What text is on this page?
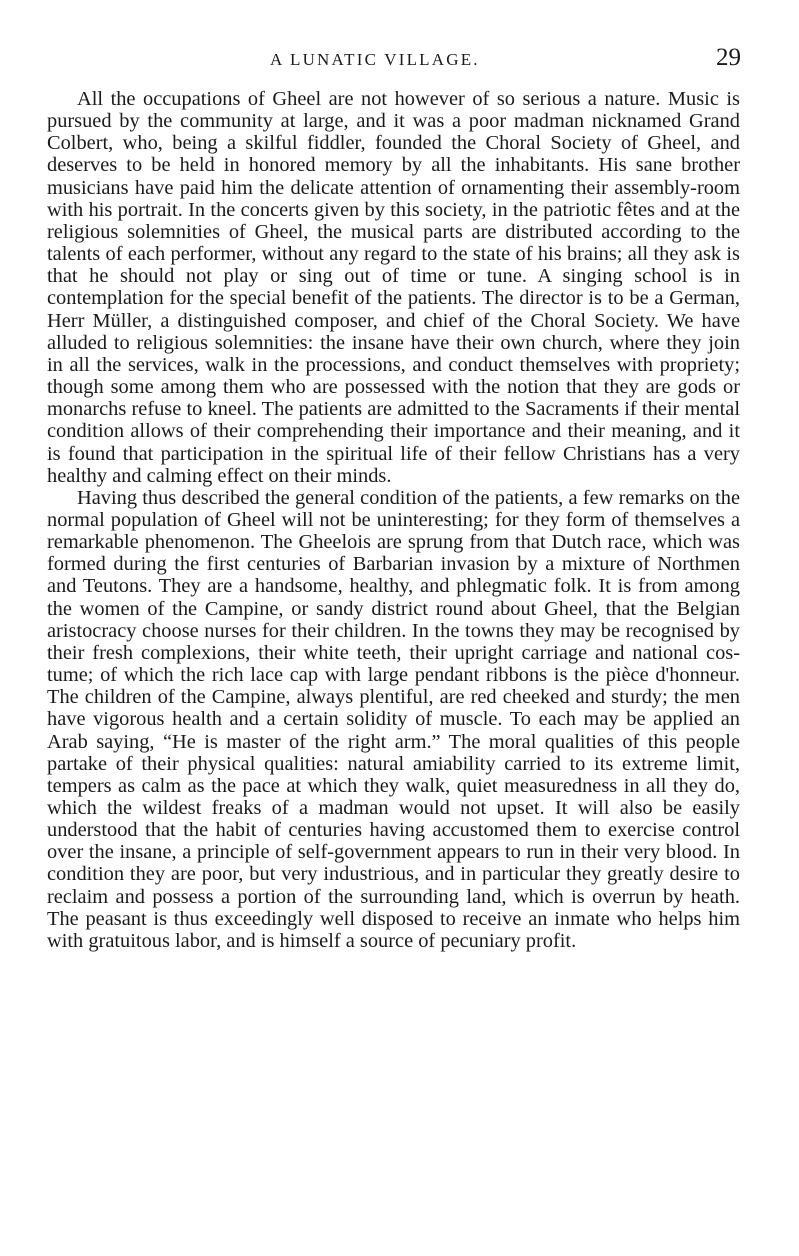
A LUNATIC VILLAGE.	29

All the occupations of Gheel are not however of so serious a nature. Music is pursued by the community at large, and it was a poor madman nicknamed Grand Colbert, who, being a skilful fiddler, founded the Choral Society of Gheel, and deserves to be held in honored memory by all the inhabitants. His sane brother musicians have paid him the delicate attention of ornamenting their assembly-room with his portrait. In the concerts given by this society, in the patriotic fêtes and at the religious solemnities of Gheel, the musical parts are distributed according to the talents of each performer, without any regard to the state of his brains; all they ask is that he should not play or sing out of time or tune. A singing school is in contemplation for the special benefit of the patients. The director is to be a German, Herr Müller, a distinguished composer, and chief of the Choral Society. We have alluded to religious solemnities: the insane have their own church, where they join in all the services, walk in the processions, and conduct themselves with propriety; though some among them who are possessed with the notion that they are gods or monarchs refuse to kneel. The patients are admitted to the Sacraments if their mental condition allows of their comprehending their importance and their meaning, and it is found that participation in the spiritual life of their fellow Christians has a very healthy and calming effect on their minds.

Having thus described the general condition of the patients, a few remarks on the normal population of Gheel will not be uninteresting; for they form of themselves a remarkable phenomenon. The Gheelois are sprung from that Dutch race, which was formed during the first centuries of Barbarian invasion by a mixture of Northmen and Teutons. They are a handsome, healthy, and phlegmatic folk. It is from among the women of the Campine, or sandy district round about Gheel, that the Belgian aristocracy choose nurses for their children. In the towns they may be recognised by their fresh complexions, their white teeth, their upright carriage and national costume; of which the rich lace cap with large pendant ribbons is the pièce d'honneur. The children of the Campine, always plentiful, are red cheeked and sturdy; the men have vigorous health and a certain solidity of muscle. To each may be applied an Arab saying, “He is master of the right arm.” The moral qualities of this people partake of their physical qualities: natural amiability carried to its extreme limit, tempers as calm as the pace at which they walk, quiet measuredness in all they do, which the wildest freaks of a madman would not upset. It will also be easily understood that the habit of centuries having accustomed them to exercise control over the insane, a principle of self-government appears to run in their very blood. In condition they are poor, but very industrious, and in particular they greatly desire to reclaim and possess a portion of the surrounding land, which is overrun by heath. The peasant is thus exceedingly well disposed to receive an inmate who helps him with gratuitous labor, and is himself a source of pecuniary profit.
